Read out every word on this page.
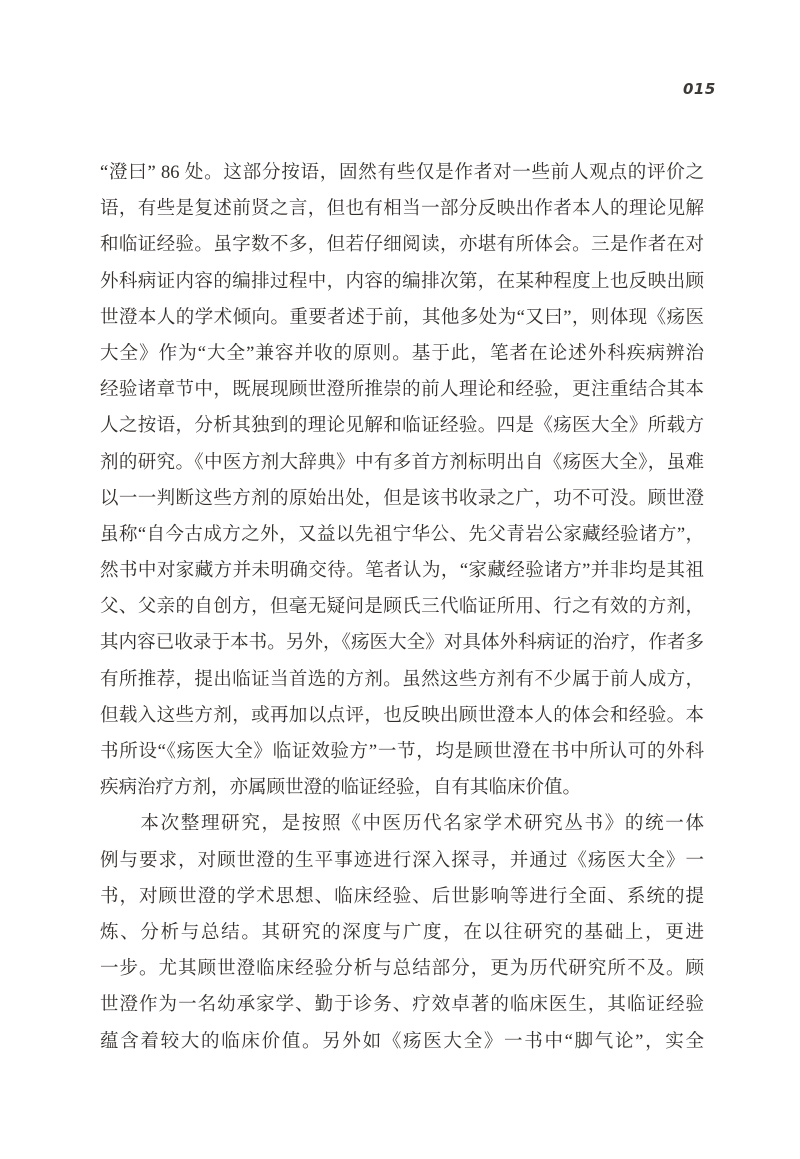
015
“澄曰” 86 处。这部分按语，固然有些仅是作者对一些前人观点的评价之
语，有些是复述前贤之言，但也有相当一部分反映出作者本人的理论见解
和临证经验。虽字数不多，但若仔细阅读，亦堪有所体会。三是作者在对
外科病证内容的编排过程中，内容的编排次第，在某种程度上也反映出顾
世澄本人的学术倾向。重要者述于前，其他多处为“又曰”，则体现《疡医
大全》作为“大全”兼容并收的原则。基于此，笔者在论述外科疾病辨治
经验诸章节中，既展现顾世澄所推崇的前人理论和经验，更注重结合其本
人之按语，分析其独到的理论见解和临证经验。四是《疡医大全》所载方
剂的研究。《中医方剂大辞典》中有多首方剂标明出自《疡医大全》，虽难
以一一判断这些方剂的原始出处，但是该书收录之广，功不可没。顾世澄
虽称“自今古成方之外，又益以先祖宁华公、先父青岩公家藏经验诸方”，
然书中对家藏方并未明确交待。笔者认为，“家藏经验诸方”并非均是其祖
父、父亲的自创方，但毫无疑问是顾氏三代临证所用、行之有效的方剂，
其内容已收录于本书。另外，《疡医大全》对具体外科病证的治疗，作者多
有所推荐，提出临证当首选的方剂。虽然这些方剂有不少属于前人成方，
但载入这些方剂，或再加以点评，也反映出顾世澄本人的体会和经验。本
书所设“《疡医大全》临证效验方”一节，均是顾世澄在书中所认可的外科
疾病治疗方剂，亦属顾世澄的临证经验，自有其临床价值。
　　本次整理研究，是按照《中医历代名家学术研究丛书》的统一体
例与要求，对顾世澄的生平事迹进行深入探寻，并通过《疡医大全》一
书，对顾世澄的学术思想、临床经验、后世影响等进行全面、系统的提
炼、分析与总结。其研究的深度与广度，在以往研究的基础上，更进
一步。尤其顾世澄临床经验分析与总结部分，更为历代研究所不及。顾
世澄作为一名幼承家学、勤于诊务、疗效卓著的临床医生，其临证经验
蕴含着较大的临床价值。另外如《疡医大全》一书中“脚气论”，实全
